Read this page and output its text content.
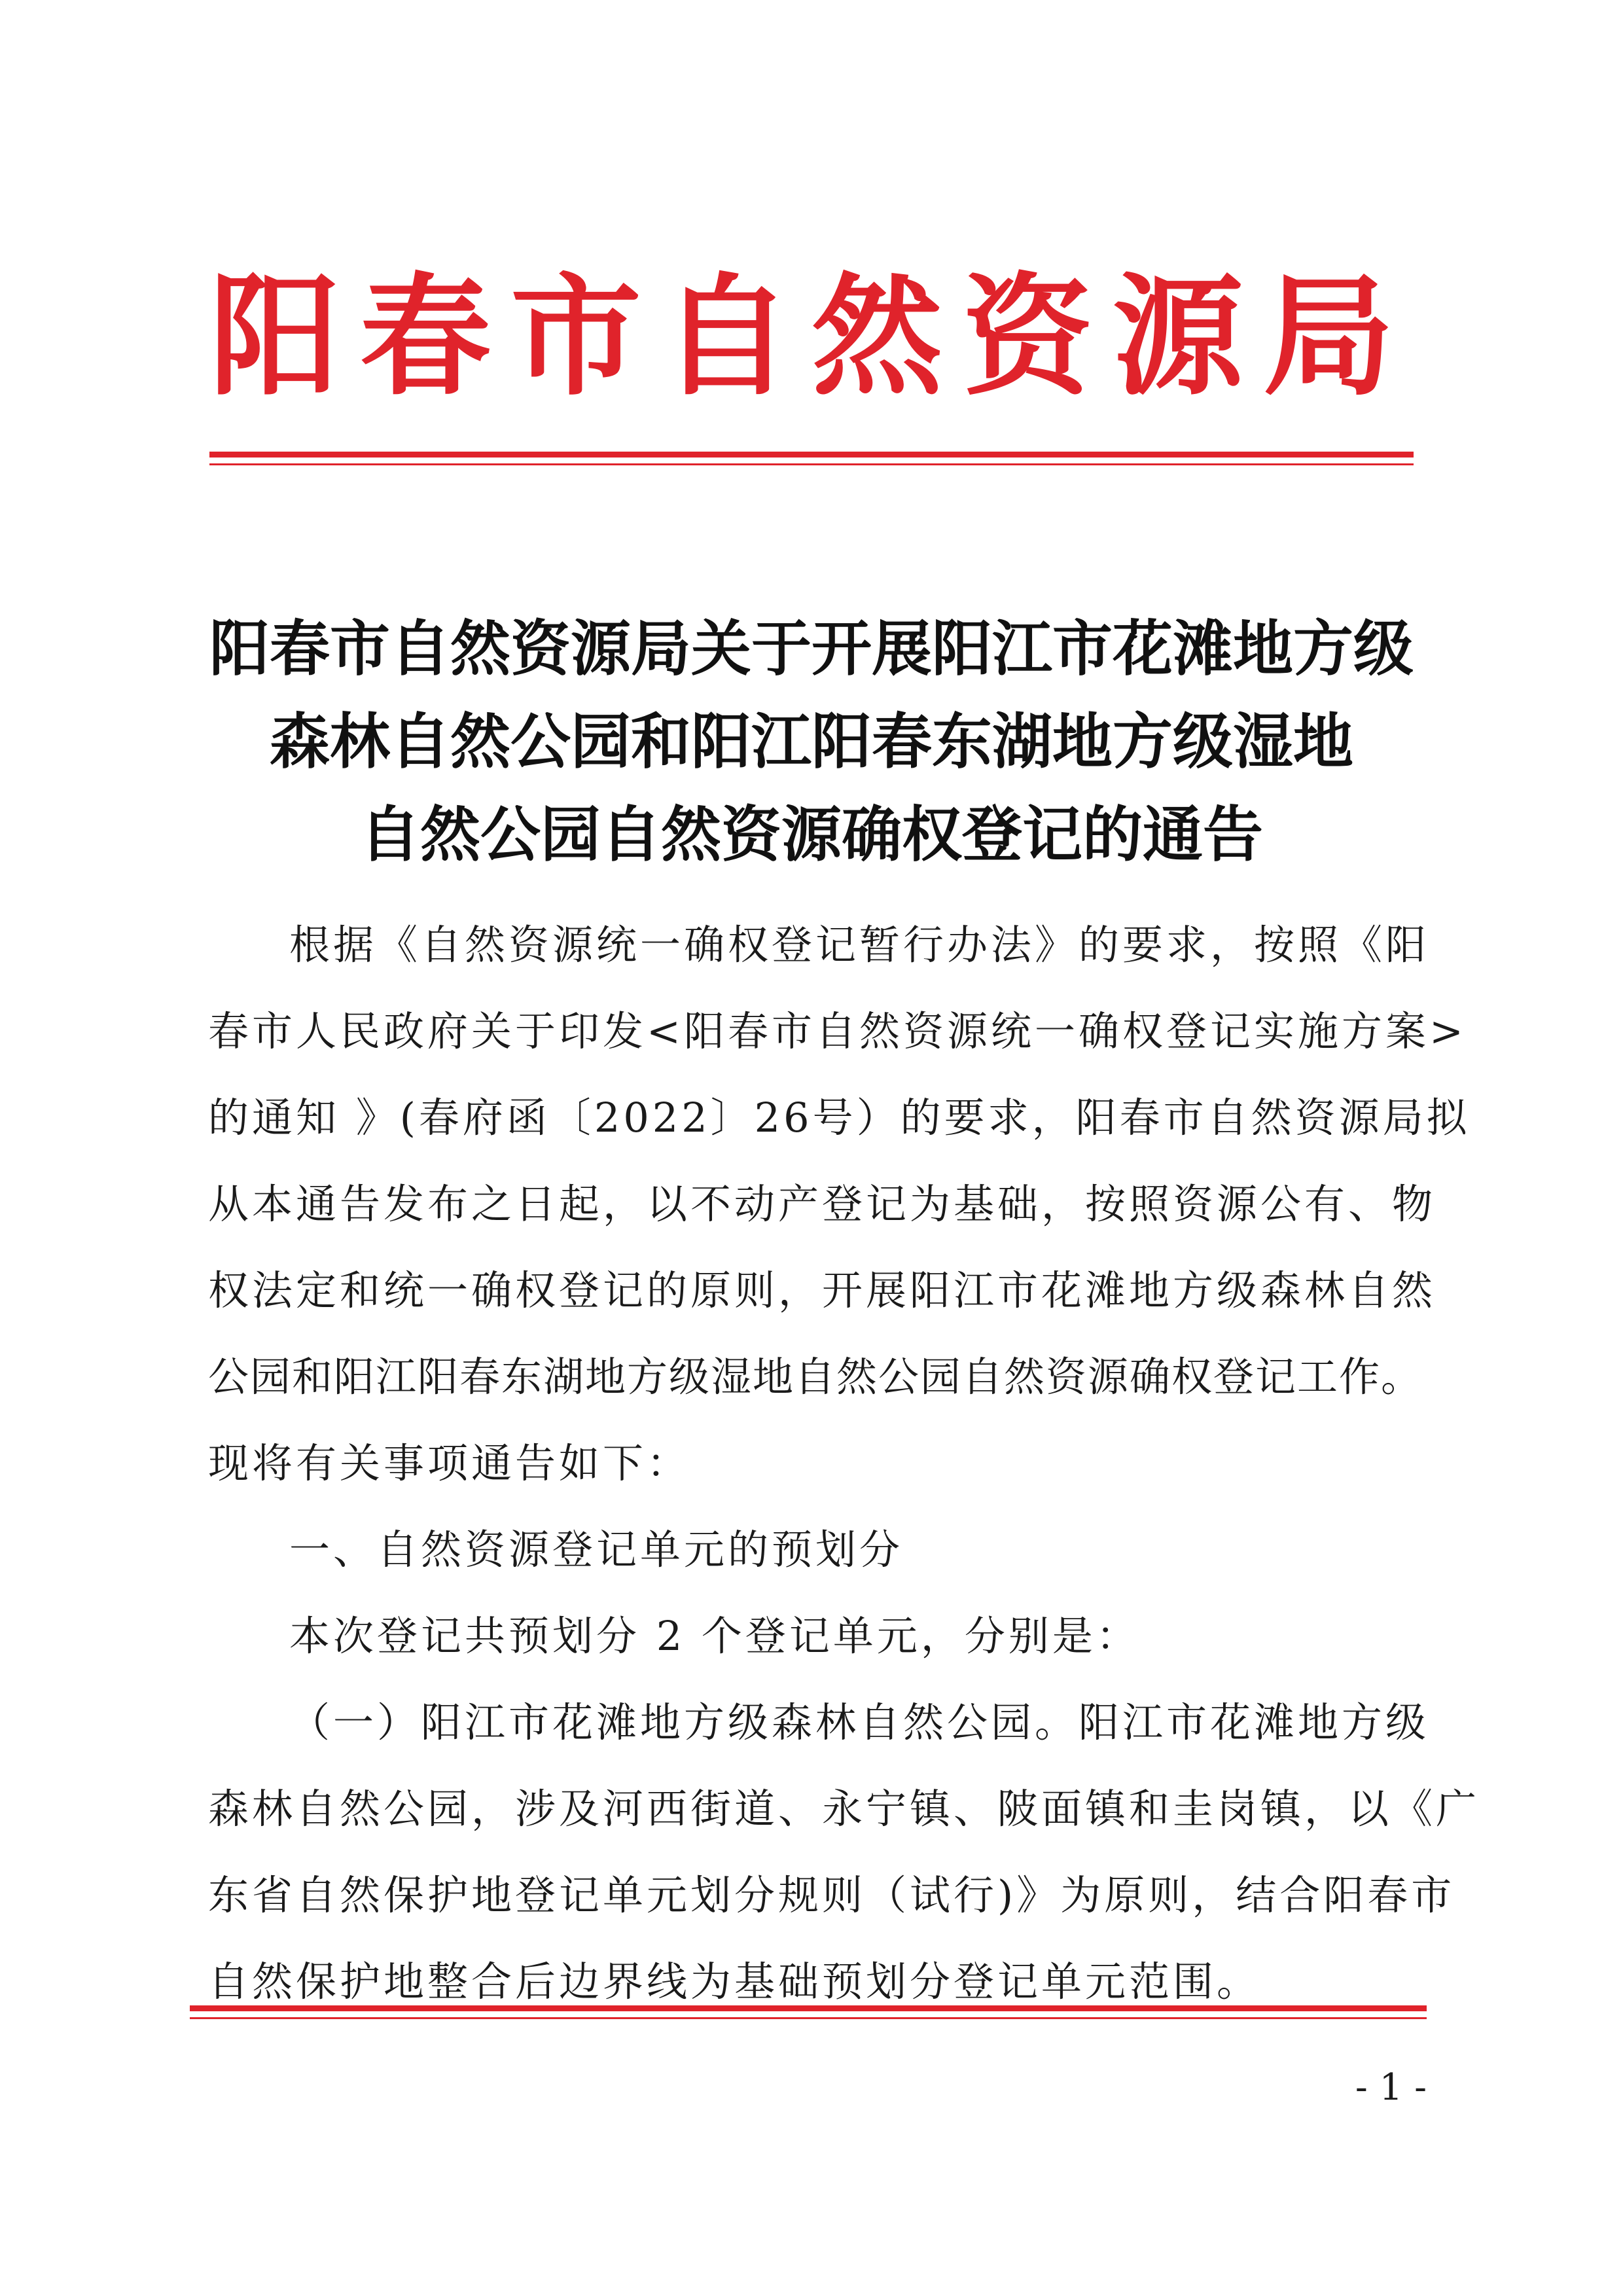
阳春市自然资源局
阳春市自然资源局关于开展阳江市花滩地方级
森林自然公园和阳江阳春东湖地方级湿地
自然公园自然资源确权登记的通告
根据《自然资源统一确权登记暂行办法》的要求，按照《阳
春市人民政府关于印发<阳春市自然资源统一确权登记实施方案>
的通知 》(春府函〔2022〕26号）的要求，阳春市自然资源局拟
从本通告发布之日起，以不动产登记为基础，按照资源公有、物
权法定和统一确权登记的原则，开展阳江市花滩地方级森林自然
公园和阳江阳春东湖地方级湿地自然公园自然资源确权登记工作。
现将有关事项通告如下：
一、自然资源登记单元的预划分
本次登记共预划分 2 个登记单元，分别是：
（一）阳江市花滩地方级森林自然公园。阳江市花滩地方级
森林自然公园，涉及河西街道、永宁镇、陂面镇和圭岗镇，以《广
东省自然保护地登记单元划分规则（试行)》为原则，结合阳春市
自然保护地整合后边界线为基础预划分登记单元范围。
- 1 -
